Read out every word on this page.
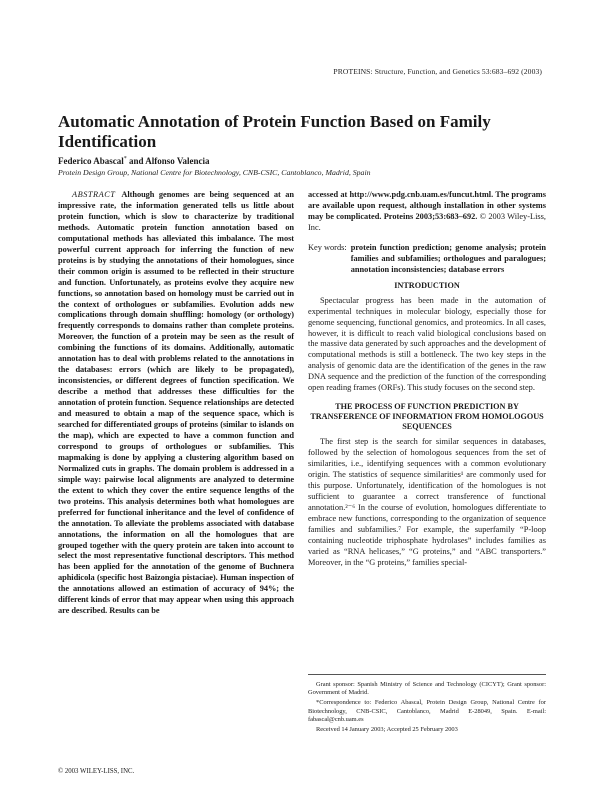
PROTEINS: Structure, Function, and Genetics 53:683–692 (2003)
Automatic Annotation of Protein Function Based on Family Identification
Federico Abascal* and Alfonso Valencia
Protein Design Group, National Centre for Biotechnology, CNB-CSIC, Cantoblanco, Madrid, Spain

ABSTRACT Although genomes are being sequenced at an impressive rate, the information generated tells us little about protein function, which is slow to characterize by traditional methods. Automatic protein function annotation based on computational methods has alleviated this imbalance. The most powerful current approach for inferring the function of new proteins is by studying the annotations of their homologues, since their common origin is assumed to be reflected in their structure and function. Unfortunately, as proteins evolve they acquire new functions, so annotation based on homology must be carried out in the context of orthologues or subfamilies. Evolution adds new complications through domain shuffling: homology (or orthology) frequently corresponds to domains rather than complete proteins. Moreover, the function of a protein may be seen as the result of combining the functions of its domains. Additionally, automatic annotation has to deal with problems related to the annotations in the databases: errors (which are likely to be propagated), inconsistencies, or different degrees of function specification. We describe a method that addresses these difficulties for the annotation of protein function. Sequence relationships are detected and measured to obtain a map of the sequence space, which is searched for differentiated groups of proteins (similar to islands on the map), which are expected to have a common function and correspond to groups of orthologues or subfamilies. This mapmaking is done by applying a clustering algorithm based on Normalized cuts in graphs. The domain problem is addressed in a simple way: pairwise local alignments are analyzed to determine the extent to which they cover the entire sequence lengths of the two proteins. This analysis determines both what homologues are preferred for functional inheritance and the level of confidence of the annotation. To alleviate the problems associated with database annotations, the information on all the homologues that are grouped together with the query protein are taken into account to select the most representative functional descriptors. This method has been applied for the annotation of the genome of Buchnera aphidicola (specific host Baizongia pistaciae). Human inspection of the annotations allowed an estimation of accuracy of 94%; the different kinds of error that may appear when using this approach are described. Results can be

accessed at http://www.pdg.cnb.uam.es/funcut.html. The programs are available upon request, although installation in other systems may be complicated. Proteins 2003;53:683–692. © 2003 Wiley-Liss, Inc.

Key words: protein function prediction; genome analysis; protein families and subfamilies; orthologues and paralogues; annotation inconsistencies; database errors
INTRODUCTION

Spectacular progress has been made in the automation of experimental techniques in molecular biology, especially those for genome sequencing, functional genomics, and proteomics. In all cases, however, it is difficult to reach valid biological conclusions based on the massive data generated by such approaches and the development of computational methods is still a bottleneck. The two key steps in the analysis of genomic data are the identification of the genes in the raw DNA sequence and the prediction of the function of the corresponding open reading frames (ORFs). This study focuses on the second step.

THE PROCESS OF FUNCTION PREDICTION BY TRANSFERENCE OF INFORMATION FROM HOMOLOGOUS SEQUENCES

The first step is the search for similar sequences in databases, followed by the selection of homologous sequences from the set of similarities, i.e., identifying sequences with a common evolutionary origin. The statistics of sequence similarities¹ are commonly used for this purpose. Unfortunately, identification of the homologues is not sufficient to guarantee a correct transference of functional annotation.²⁻⁶ In the course of evolution, homologues differentiate to embrace new functions, corresponding to the organization of sequence families and subfamilies.⁷ For example, the superfamily “P-loop containing nucleotide triphosphate hydrolases” includes families as varied as “RNA helicases,” “G proteins,” and “ABC transporters.” Moreover, in the “G proteins,” families special-

Grant sponsor: Spanish Ministry of Science and Technology (CICYT); Grant sponsor: Government of Madrid.

*Correspondence to: Federico Abascal, Protein Design Group, National Centre for Biotechnology, CNB-CSIC, Cantoblanco, Madrid E-28049, Spain. E-mail: fabascal@cnb.uam.es

Received 14 January 2003; Accepted 25 February 2003

© 2003 WILEY-LISS, INC.
